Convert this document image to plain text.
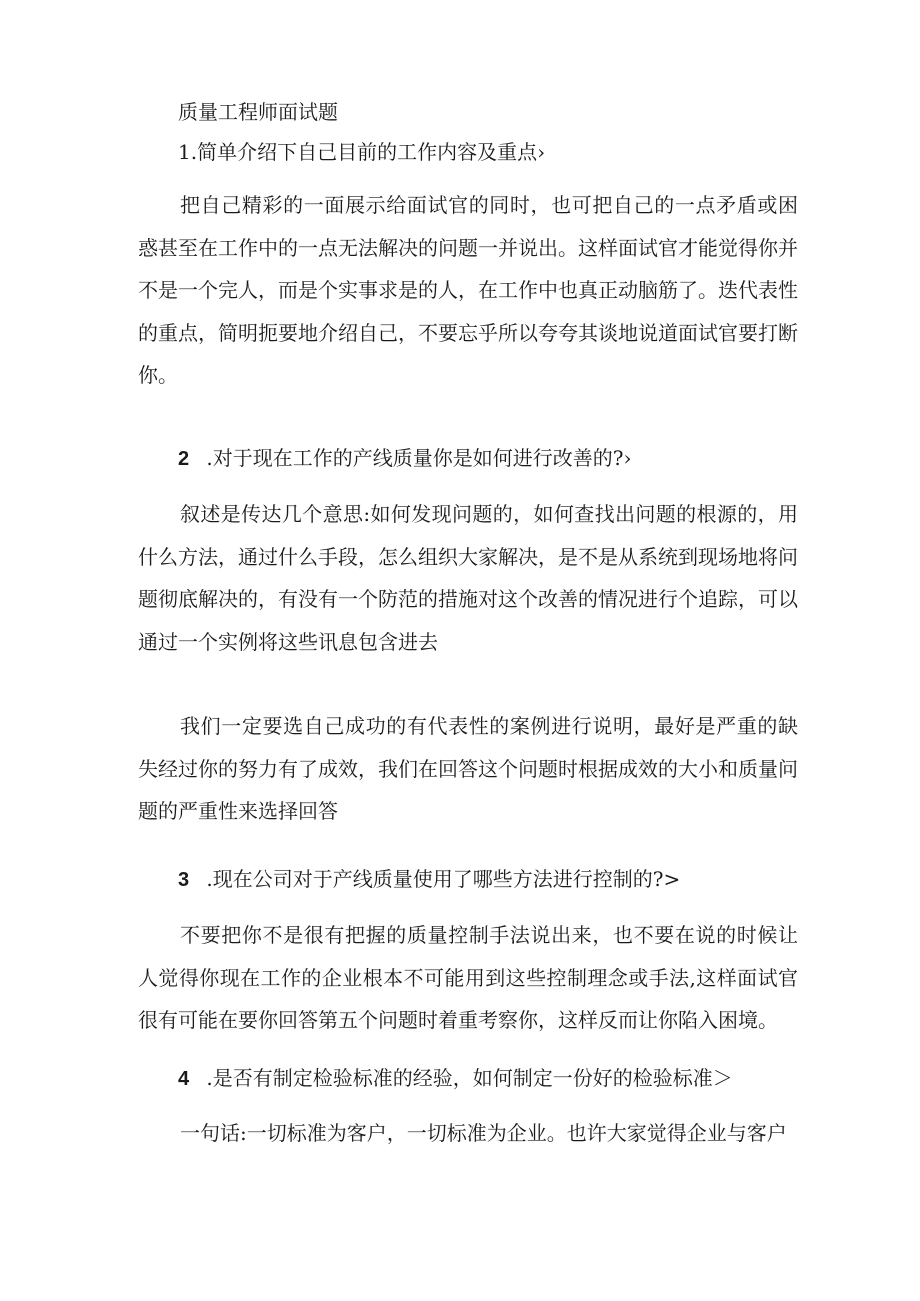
质量工程师面试题
1.简单介绍下自己目前的工作内容及重点›
把自己精彩的一面展示给面试官的同时，也可把自己的一点矛盾或困惑甚至在工作中的一点无法解决的问题一并说出。这样面试官才能觉得你并不是一个完人，而是个实事求是的人，在工作中也真正动脑筋了。迭代表性的重点，简明扼要地介绍自己，不要忘乎所以夸夸其谈地说道面试官要打断你。
2 .对于现在工作的产线质量你是如何进行改善的?›
叙述是传达几个意思:如何发现问题的，如何查找出问题的根源的，用什么方法，通过什么手段，怎么组织大家解决，是不是从系统到现场地将问题彻底解决的，有没有一个防范的措施对这个改善的情况进行个追踪，可以通过一个实例将这些讯息包含进去
我们一定要选自己成功的有代表性的案例进行说明，最好是严重的缺失经过你的努力有了成效，我们在回答这个问题时根据成效的大小和质量问题的严重性来选择回答
3 .现在公司对于产线质量使用了哪些方法进行控制的?>
不要把你不是很有把握的质量控制手法说出来，也不要在说的时候让人觉得你现在工作的企业根本不可能用到这些控制理念或手法,这样面试官很有可能在要你回答第五个问题时着重考察你，这样反而让你陷入困境。
4 .是否有制定检验标准的经验，如何制定一份好的检验标准＞
一句话:一切标准为客户，一切标准为企业。也许大家觉得企业与客户
